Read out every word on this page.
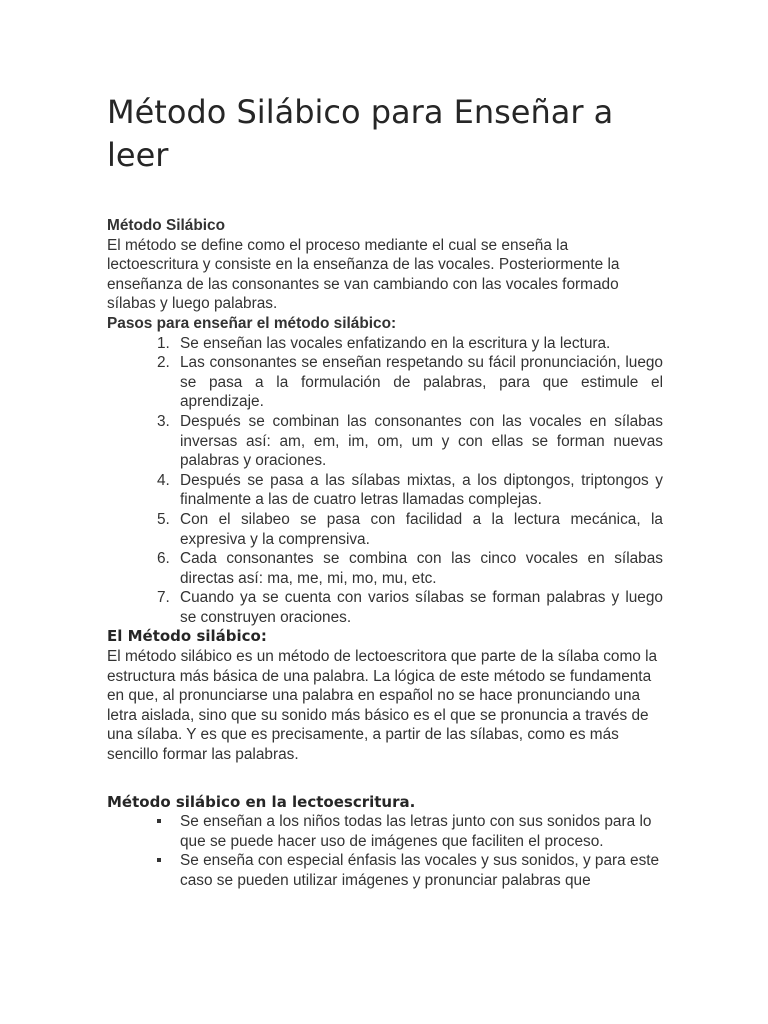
Método Silábico para Enseñar a leer

Método Silábico

El método se define como el proceso mediante el cual se enseña la lectoescritura y consiste en la enseñanza de las vocales. Posteriormente la enseñanza de las consonantes se van cambiando con las vocales formado sílabas y luego palabras.

Pasos para enseñar el método silábico:

1. Se enseñan las vocales enfatizando en la escritura y la lectura.
2. Las consonantes se enseñan respetando su fácil pronunciación, luego se pasa a la formulación de palabras, para que estimule el aprendizaje.
3. Después se combinan las consonantes con las vocales en sílabas inversas así: am, em, im, om, um y con ellas se forman nuevas palabras y oraciones.
4. Después se pasa a las sílabas mixtas, a los diptongos, triptongos y finalmente a las de cuatro letras llamadas complejas.
5. Con el silabeo se pasa con facilidad a la lectura mecánica, la expresiva y la comprensiva.
6. Cada consonantes se combina con las cinco vocales en sílabas directas así: ma, me, mi, mo, mu, etc.
7. Cuando ya se cuenta con varios sílabas se forman palabras y luego se construyen oraciones.

El Método silábico:

El método silábico es un método de lectoescritora que parte de la sílaba como la estructura más básica de una palabra. La lógica de este método se fundamenta en que, al pronunciarse una palabra en español no se hace pronunciando una letra aislada, sino que su sonido más básico es el que se pronuncia a través de una sílaba. Y es que es precisamente, a partir de las sílabas, como es más sencillo formar las palabras.

Método silábico en la lectoescritura.

Se enseñan a los niños todas las letras junto con sus sonidos para lo que se puede hacer uso de imágenes que faciliten el proceso.
Se enseña con especial énfasis las vocales y sus sonidos, y para este caso se pueden utilizar imágenes y pronunciar palabras que
